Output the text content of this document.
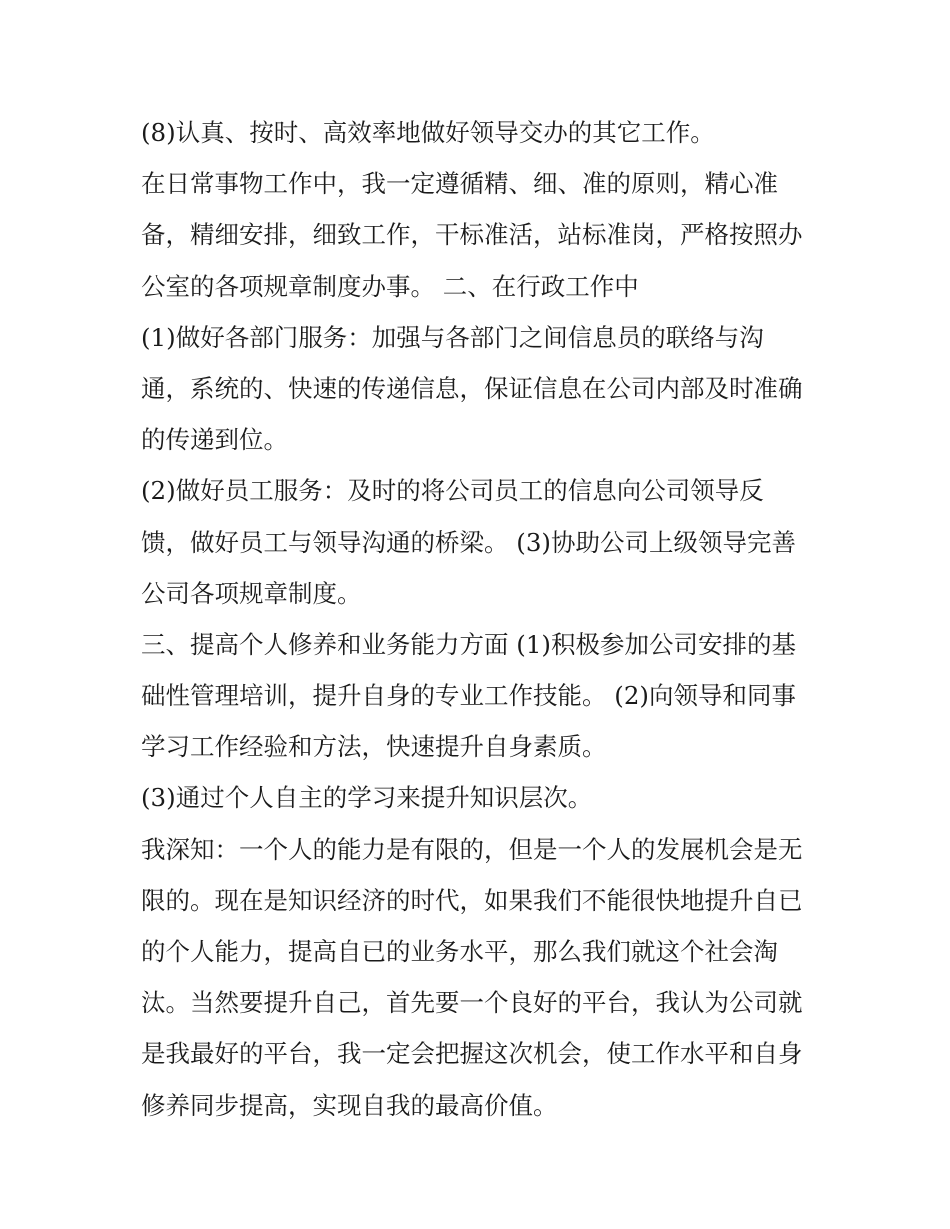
(8)认真、按时、高效率地做好领导交办的其它工作。
在日常事物工作中，我一定遵循精、细、准的原则，精心准
备，精细安排，细致工作，干标准活，站标准岗，严格按照办
公室的各项规章制度办事。 二、在行政工作中
(1)做好各部门服务：加强与各部门之间信息员的联络与沟
通，系统的、快速的传递信息，保证信息在公司内部及时准确
的传递到位。
(2)做好员工服务：及时的将公司员工的信息向公司领导反
馈，做好员工与领导沟通的桥梁。 (3)协助公司上级领导完善
公司各项规章制度。
三、提高个人修养和业务能力方面 (1)积极参加公司安排的基
础性管理培训，提升自身的专业工作技能。 (2)向领导和同事
学习工作经验和方法，快速提升自身素质。
(3)通过个人自主的学习来提升知识层次。
我深知：一个人的能力是有限的，但是一个人的发展机会是无
限的。现在是知识经济的时代，如果我们不能很快地提升自已
的个人能力，提高自已的业务水平，那么我们就这个社会淘
汰。当然要提升自己，首先要一个良好的平台，我认为公司就
是我最好的平台，我一定会把握这次机会，使工作水平和自身
修养同步提高，实现自我的最高价值。
